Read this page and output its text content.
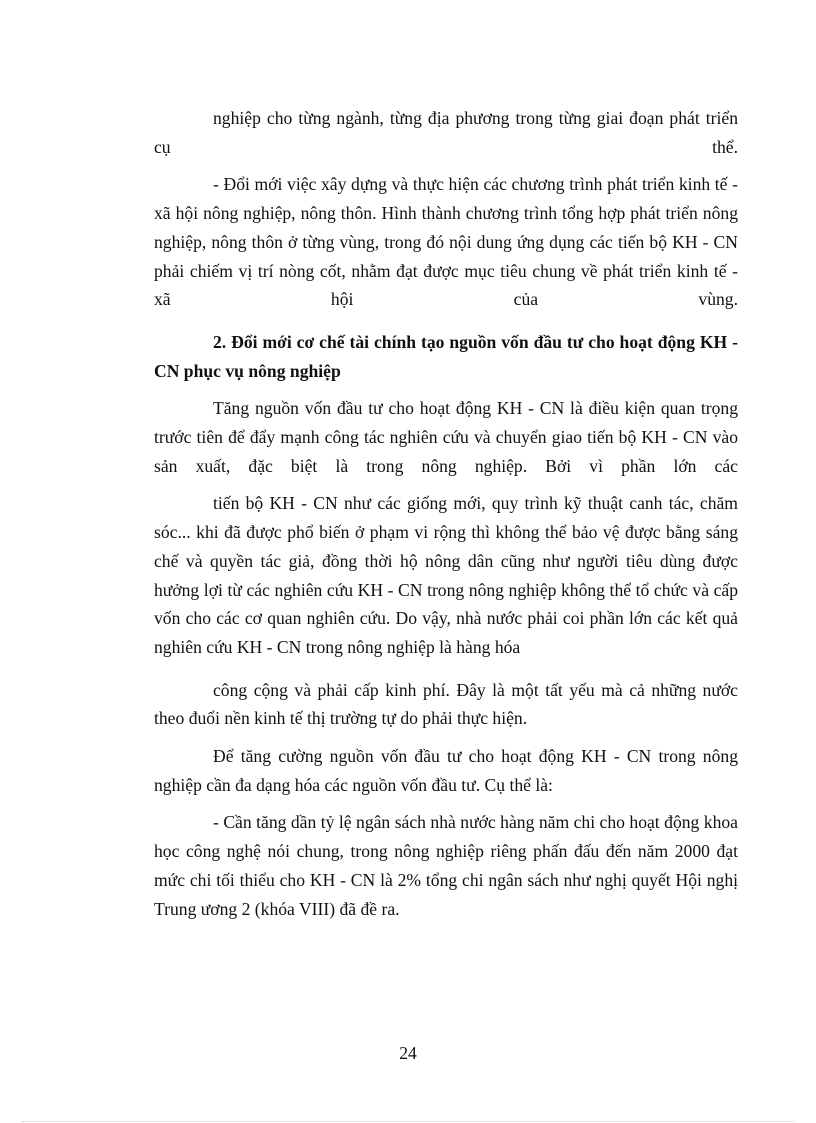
nghiệp cho từng ngành, từng địa phương trong từng giai đoạn phát triển cụ thể.

- Đổi mới việc xây dựng và thực hiện các chương trình phát triển kinh tế - xã hội nông nghiệp, nông thôn. Hình thành chương trình tổng hợp phát triển nông nghiệp, nông thôn ở từng vùng, trong đó nội dung ứng dụng các tiến bộ KH - CN phải chiếm vị trí nòng cốt, nhằm đạt được mục tiêu chung về phát triển kinh tế - xã hội của vùng.

2. Đổi mới cơ chế tài chính tạo nguồn vốn đầu tư cho hoạt động KH - CN phục vụ nông nghiệp

Tăng nguồn vốn đầu tư cho hoạt động KH - CN là điều kiện quan trọng trước tiên để đẩy mạnh công tác nghiên cứu và chuyển giao tiến bộ KH - CN vào sản xuất, đặc biệt là trong nông nghiệp. Bởi vì phần lớn các

tiến bộ KH - CN như các giống mới, quy trình kỹ thuật canh tác, chăm sóc... khi đã được phổ biến ở phạm vi rộng thì không thể bảo vệ được bằng sáng chế và quyền tác giả, đồng thời hộ nông dân cũng như người tiêu dùng được hưởng lợi từ các nghiên cứu KH - CN trong nông nghiệp không thể tổ chức và cấp vốn cho các cơ quan nghiên cứu. Do vậy, nhà nước phải coi phần lớn các kết quả nghiên cứu KH - CN trong nông nghiệp là hàng hóa

công cộng và phải cấp kinh phí. Đây là một tất yếu mà cả những nước theo đuổi nền kinh tế thị trường tự do phải thực hiện.

Để tăng cường nguồn vốn đầu tư cho hoạt động KH - CN trong nông nghiệp cần đa dạng hóa các nguồn vốn đầu tư. Cụ thể là:

- Cần tăng dần tỷ lệ ngân sách nhà nước hàng năm chi cho hoạt động khoa học công nghệ nói chung, trong nông nghiệp riêng phấn đấu đến năm 2000 đạt mức chi tối thiểu cho KH - CN là 2% tổng chi ngân sách như nghị quyết Hội nghị Trung ương 2 (khóa VIII) đã đề ra.

24
